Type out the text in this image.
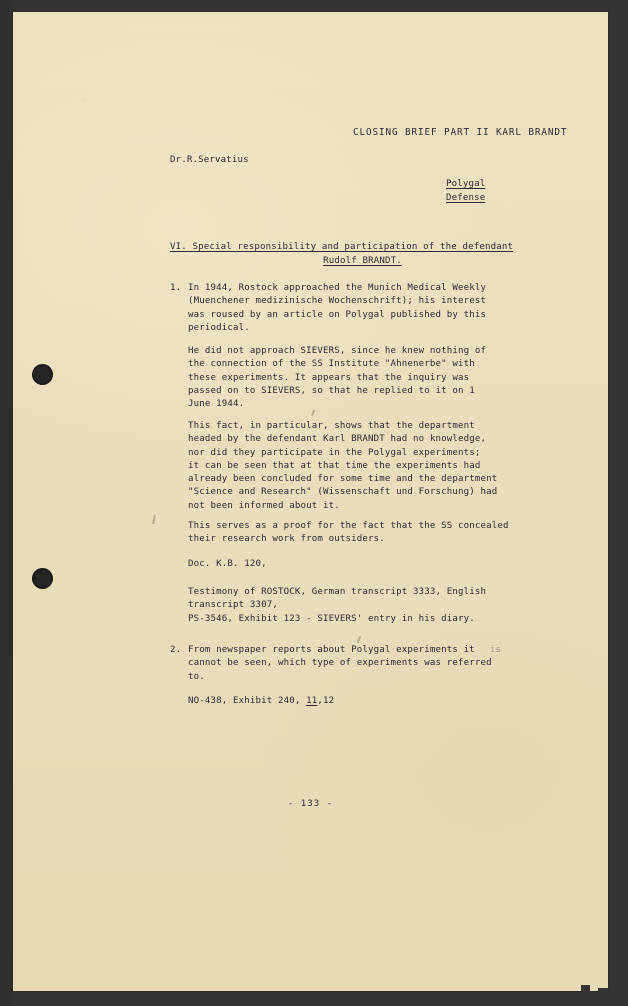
CLOSING BRIEF PART II KARL BRANDT
Dr.R.Servatius
Polygal
Defense
VI. Special responsibility and participation of the defendant
Rudolf BRANDT.
1. In 1944, Rostock approached the Munich Medical Weekly
(Muenchener medizinische Wochenschrift); his interest
was roused by an article on Polygal published by this
periodical.
He did not approach SIEVERS, since he knew nothing of
the connection of the SS Institute "Ahnenerbe" with
these experiments. It appears that the inquiry was
passed on to SIEVERS, so that he replied to it on 1
June 1944.
This fact, in particular, shows that the department
headed by the defendant Karl BRANDT had no knowledge,
nor did they participate in the Polygal experiments;
it can be seen that at that time the experiments had
already been concluded for some time and the department
"Science and Research" (Wissenschaft und Forschung) had
not been informed about it.
This serves as a proof for the fact that the SS concealed
their research work from outsiders.
Doc. K.B. 120,
Testimony of ROSTOCK, German transcript 3333, English
transcript 3307,
PS-3546, Exhibit 123 - SIEVERS' entry in his diary.
2. From newspaper reports about Polygal experiments it
cannot be seen, which type of experiments was referred
to.
is
NO-438, Exhibit 240, 11,12
- 133 -
